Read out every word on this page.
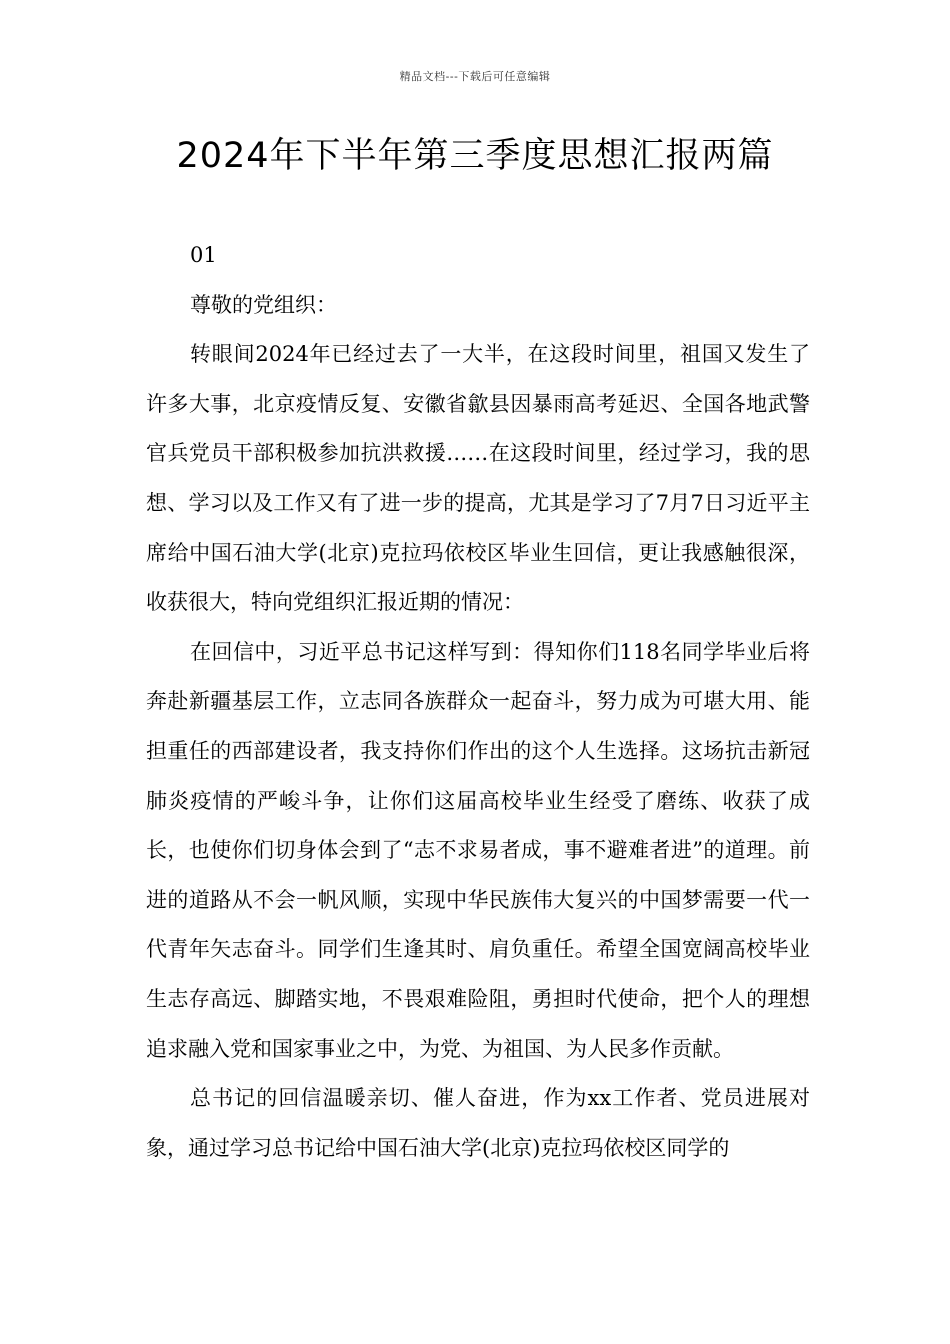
精品文档---下载后可任意编辑
2024年下半年第三季度思想汇报两篇

01

尊敬的党组织：

转眼间2024年已经过去了一大半，在这段时间里，祖国又发生了许多大事，北京疫情反复、安徽省歙县因暴雨高考延迟、全国各地武警官兵党员干部积极参加抗洪救援……在这段时间里，经过学习，我的思想、学习以及工作又有了进一步的提高，尤其是学习了7月7日习近平主席给中国石油大学(北京)克拉玛依校区毕业生回信，更让我感触很深，收获很大，特向党组织汇报近期的情况：

在回信中，习近平总书记这样写到：得知你们118名同学毕业后将奔赴新疆基层工作，立志同各族群众一起奋斗，努力成为可堪大用、能担重任的西部建设者，我支持你们作出的这个人生选择。这场抗击新冠肺炎疫情的严峻斗争，让你们这届高校毕业生经受了磨练、收获了成长，也使你们切身体会到了“志不求易者成，事不避难者进”的道理。前进的道路从不会一帆风顺，实现中华民族伟大复兴的中国梦需要一代一代青年矢志奋斗。同学们生逢其时、肩负重任。希望全国宽阔高校毕业生志存高远、脚踏实地，不畏艰难险阻，勇担时代使命，把个人的理想追求融入党和国家事业之中，为党、为祖国、为人民多作贡献。

总书记的回信温暖亲切、催人奋进，作为xx工作者、党员进展对象，通过学习总书记给中国石油大学(北京)克拉玛依校区同学的
